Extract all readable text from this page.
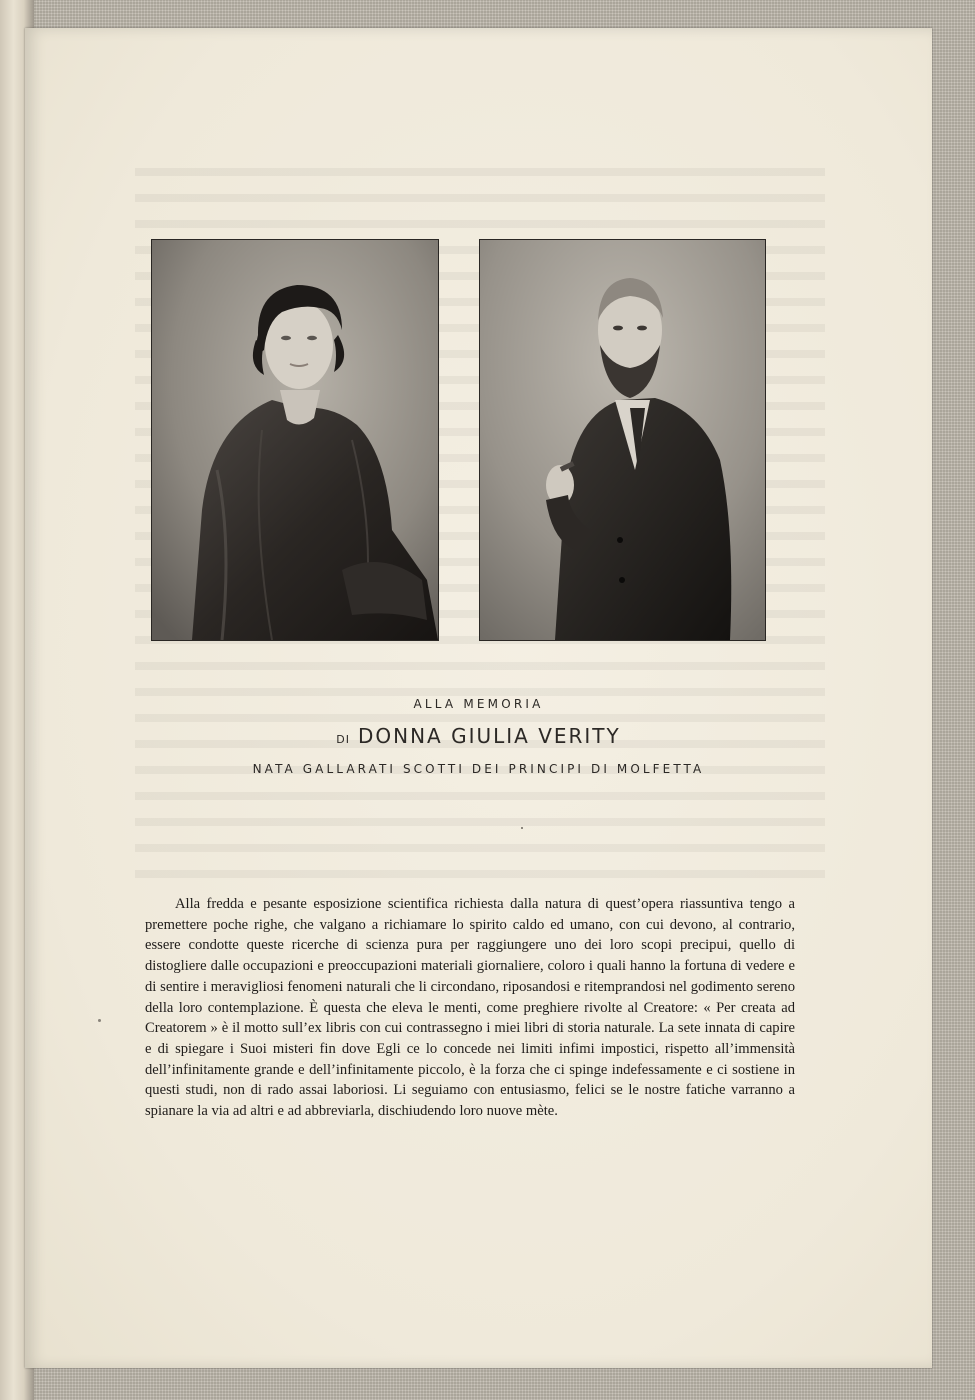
ALLA MEMORIA
DI DONNA GIULIA VERITY
NATA GALLARATI SCOTTI DEI PRINCIPI DI MOLFETTA

Alla fredda e pesante esposizione scientifica richiesta dalla natura di quest’opera riassuntiva tengo a premettere poche righe, che valgano a richiamare lo spirito caldo ed umano, con cui devono, al contrario, essere condotte queste ricerche di scienza pura per raggiungere uno dei loro scopi precipui, quello di distogliere dalle occupazioni e preoccupazioni materiali giornaliere, coloro i quali hanno la fortuna di vedere e di sentire i meravigliosi fenomeni naturali che li circondano, riposandosi e ritemprandosi nel godimento sereno della loro contemplazione. È questa che eleva le menti, come preghiere rivolte al Creatore: « Per creata ad Creatorem » è il motto sull’ex libris con cui contrassegno i miei libri di storia naturale. La sete innata di capire e di spiegare i Suoi misteri fin dove Egli ce lo concede nei limiti infimi impostici, rispetto all’immensità dell’infinitamente grande e dell’infinitamente piccolo, è la forza che ci spinge indefessamente e ci sostiene in questi studi, non di rado assai laboriosi. Li seguiamo con entusiasmo, felici se le nostre fatiche varranno a spianare la via ad altri e ad abbreviarla, dischiudendo loro nuove mète.
